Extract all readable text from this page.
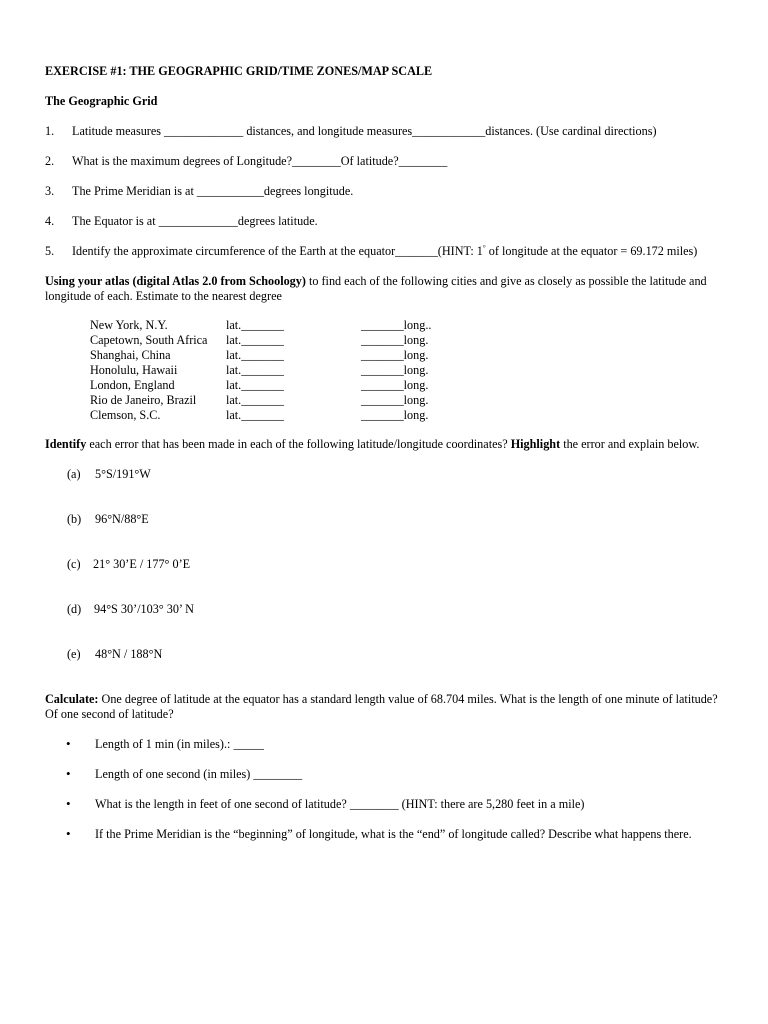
EXERCISE #1: THE GEOGRAPHIC GRID/TIME ZONES/MAP SCALE
The Geographic Grid
1. Latitude measures _____________ distances, and longitude measures____________distances. (Use cardinal directions)
2. What is the maximum degrees of Longitude?________Of latitude?________
3. The Prime Meridian is at ___________degrees longitude.
4. The Equator is at _____________degrees latitude.
5. Identify the approximate circumference of the Earth at the equator_______(HINT: 1° of longitude at the equator = 69.172 miles)
Using your atlas (digital Atlas 2.0 from Schoology) to find each of the following cities and give as closely as possible the latitude and longitude of each. Estimate to the nearest degree
New York, N.Y.	lat._______	_______long..
Capetown, South Africa lat._______	_______long.
Shanghai, China	lat._______	_______long.
Honolulu, Hawaii	lat._______	_______long.
London, England	lat._______	_______long.
Rio de Janeiro, Brazil lat._______	_______long.
Clemson, S.C.	lat._______	_______long.
Identify each error that has been made in each of the following latitude/longitude coordinates? Highlight the error and explain below.
(a) 5°S/191°W
(b) 96°N/88°E
(c) 21° 30’E / 177° 0’E
(d) 94°S 30’/103° 30’ N
(e) 48°N / 188°N
Calculate: One degree of latitude at the equator has a standard length value of 68.704 miles. What is the length of one minute of latitude? Of one second of latitude?
• Length of 1 min (in miles).: _____
• Length of one second (in miles) ________
• What is the length in feet of one second of latitude? ________ (HINT: there are 5,280 feet in a mile)
• If the Prime Meridian is the “beginning” of longitude, what is the “end” of longitude called? Describe what happens there.
